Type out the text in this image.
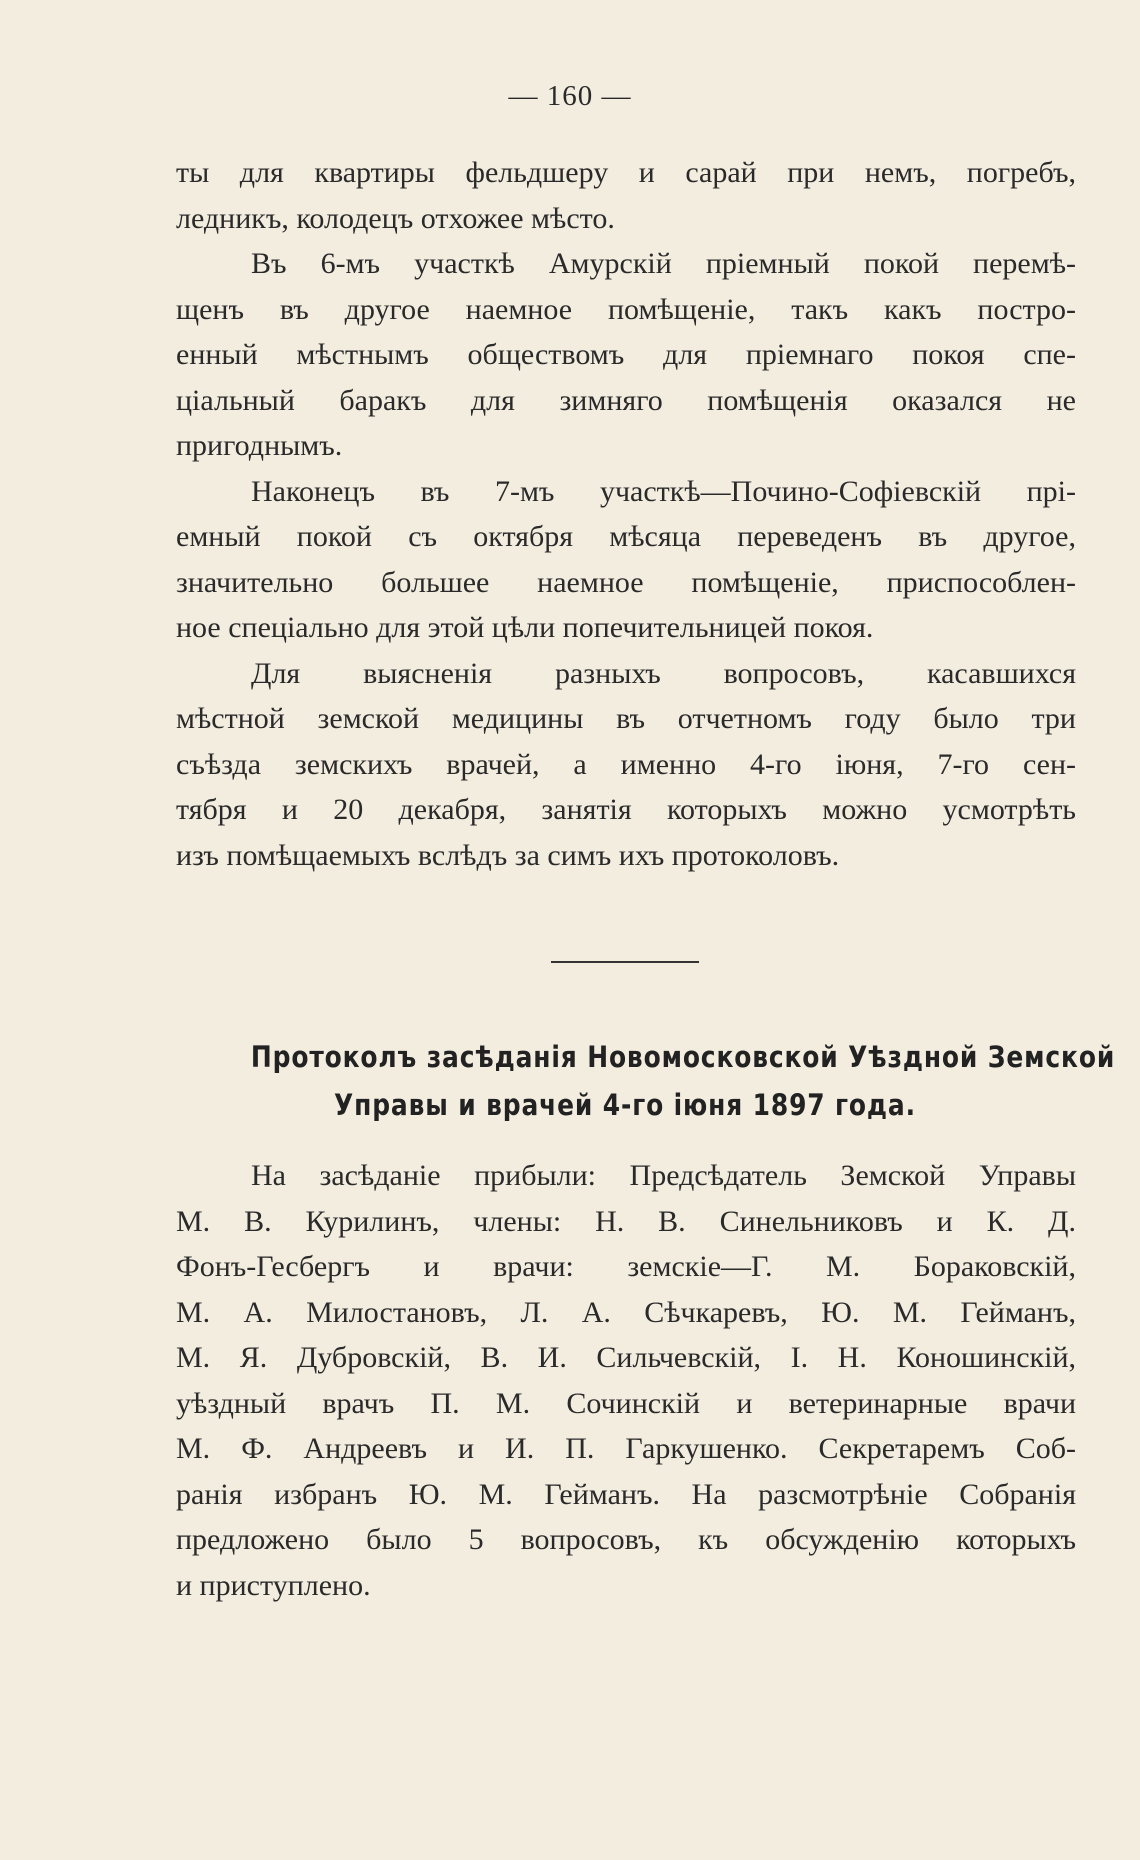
— 160 —
ты для квартиры фельдшеру и сарай при немъ, погребъ,
ледникъ, колодецъ отхожее мѣсто.
Въ 6-мъ участкѣ Амурскій пріемный покой перемѣ-
щенъ въ другое наемное помѣщеніе, такъ какъ постро-
енный мѣстнымъ обществомъ для пріемнаго покоя спе-
ціальный баракъ для зимняго помѣщенія оказался не
пригоднымъ.
Наконецъ въ 7-мъ участкѣ—Почино-Софіевскій прі-
емный покой съ октября мѣсяца переведенъ въ другое,
значительно большее наемное помѣщеніе, приспособлен-
ное спеціально для этой цѣли попечительницей покоя.
Для выясненія разныхъ вопросовъ, касавшихся
мѣстной земской медицины въ отчетномъ году было три
съѣзда земскихъ врачей, а именно 4-го іюня, 7-го сен-
тября и 20 декабря, занятія которыхъ можно усмотрѣть
изъ помѣщаемыхъ вслѣдъ за симъ ихъ протоколовъ.
Протоколъ засѣданія Новомосковской Уѣздной Земской
Управы и врачей 4-го іюня 1897 года.
На засѣданіе прибыли: Предсѣдатель Земской Управы
М. В. Курилинъ, члены: Н. В. Синельниковъ и К. Д.
Фонъ-Гесбергъ и врачи: земскіе—Г. М. Бораковскій,
М. А. Милостановъ, Л. А. Сѣчкаревъ, Ю. М. Гейманъ,
М. Я. Дубровскій, В. И. Сильчевскій, І. Н. Коношинскій,
уѣздный врачъ П. М. Сочинскій и ветеринарные врачи
М. Ф. Андреевъ и И. П. Гаркушенко. Секретаремъ Соб-
ранія избранъ Ю. М. Гейманъ. На разсмотрѣніе Собранія
предложено было 5 вопросовъ, къ обсужденію которыхъ
и приступлено.
